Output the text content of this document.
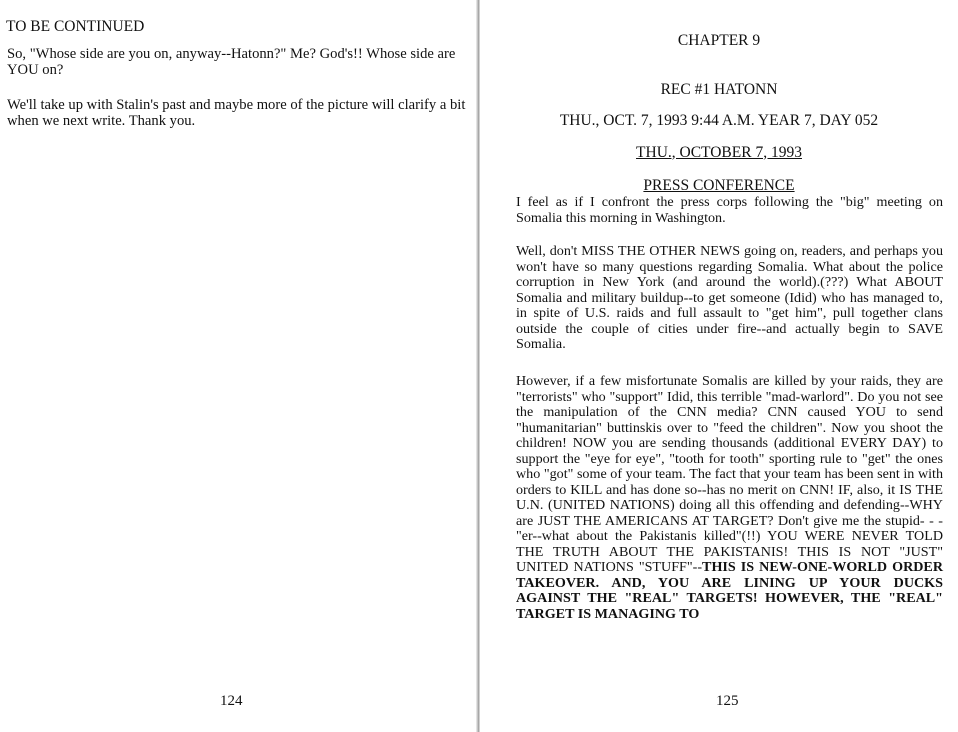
TO BE CONTINUED

So, "Whose side are you on, anyway--Hatonn?" Me? God's!! Whose side are YOU on?

We'll take up with Stalin's past and maybe more of the picture will clarify a bit when we next write. Thank you.

124

CHAPTER 9

REC #1 HATONN

THU., OCT. 7, 1993 9:44 A.M. YEAR 7, DAY 052

THU., OCTOBER 7, 1993

PRESS CONFERENCE

I feel as if I confront the press corps following the "big" meeting on Somalia this morning in Washington.

Well, don't MISS THE OTHER NEWS going on, readers, and perhaps you won't have so many questions regarding Somalia. What about the police corruption in New York (and around the world).(???) What ABOUT Somalia and military buildup--to get someone (Idid) who has managed to, in spite of U.S. raids and full assault to "get him", pull together clans outside the couple of cities under fire--and actually begin to SAVE Somalia.

However, if a few misfortunate Somalis are killed by your raids, they are "terrorists" who "support" Idid, this terrible "mad-warlord". Do you not see the manipulation of the CNN media? CNN caused YOU to send "humanitarian" buttinskis over to "feed the children". Now you shoot the children! NOW you are sending thousands (additional EVERY DAY) to support the "eye for eye", "tooth for tooth" sporting rule to "get" the ones who "got" some of your team. The fact that your team has been sent in with orders to KILL and has done so--has no merit on CNN! IF, also, it IS THE U.N. (UNITED NATIONS) doing all this offending and defending--WHY are JUST THE AMERICANS AT TARGET? Don't give me the stupid- - - "er--what about the Pakistanis killed"(!!) YOU WERE NEVER TOLD THE TRUTH ABOUT THE PAKISTANIS! THIS IS NOT "JUST" UNITED NATIONS "STUFF"--THIS IS NEW-ONE-WORLD ORDER TAKEOVER. AND, YOU ARE LINING UP YOUR DUCKS AGAINST THE "REAL" TARGETS! HOWEVER, THE "REAL" TARGET IS MANAGING TO

125
